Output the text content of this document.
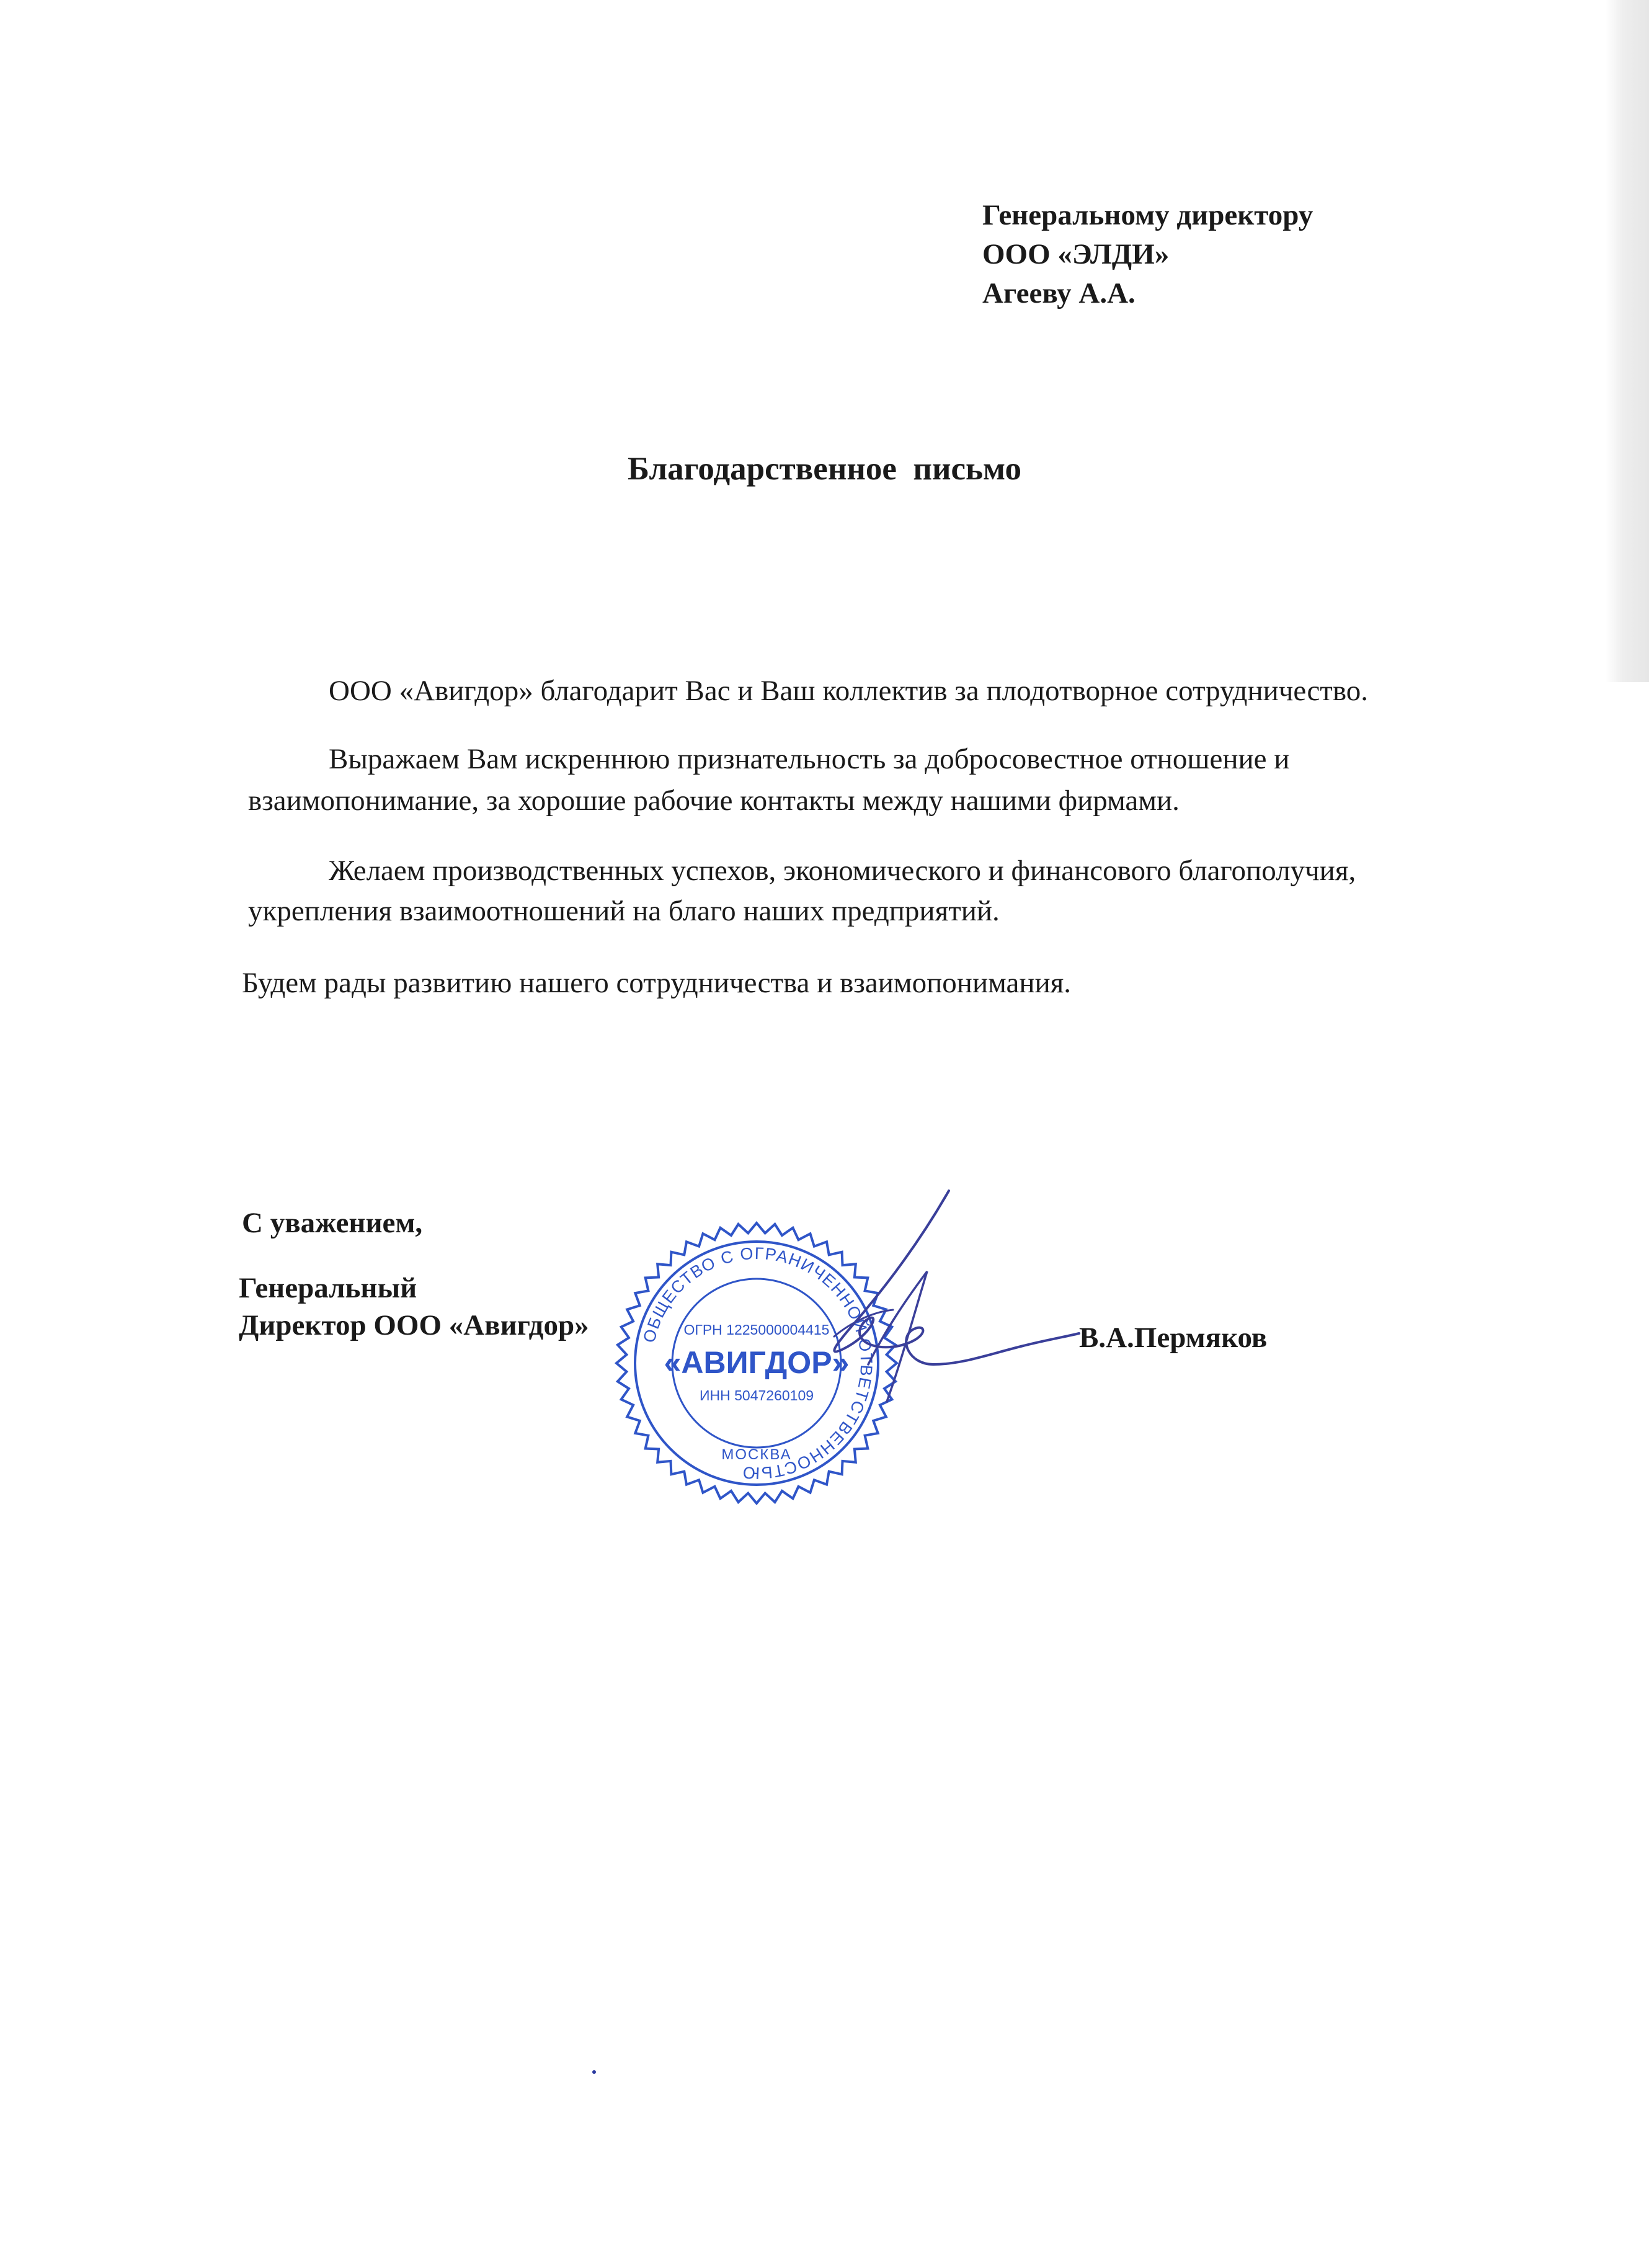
Генеральному директору
ООО «ЭЛДИ»
Агееву А.А.
Благодарственное  письмо
ООО «Авигдор» благодарит Вас и Ваш коллектив за плодотворное сотрудничество.
Выражаем Вам искреннюю признательность за добросовестное отношение и
взаимопонимание, за хорошие рабочие контакты между нашими фирмами.
Желаем производственных успехов, экономического и финансового благополучия,
укрепления взаимоотношений на благо наших предприятий.
Будем рады развитию нашего сотрудничества и взаимопонимания.
С уважением,
Генеральный
Директор ООО «Авигдор»	В.А.Пермяков
ОБЩЕСТВО С ОГРАНИЧЕННОЙ ОТВЕТСТВЕННОСТЬЮ
ОГРН 1225000004415
«АВИГДОР»
ИНН 5047260109
МОСКВА
